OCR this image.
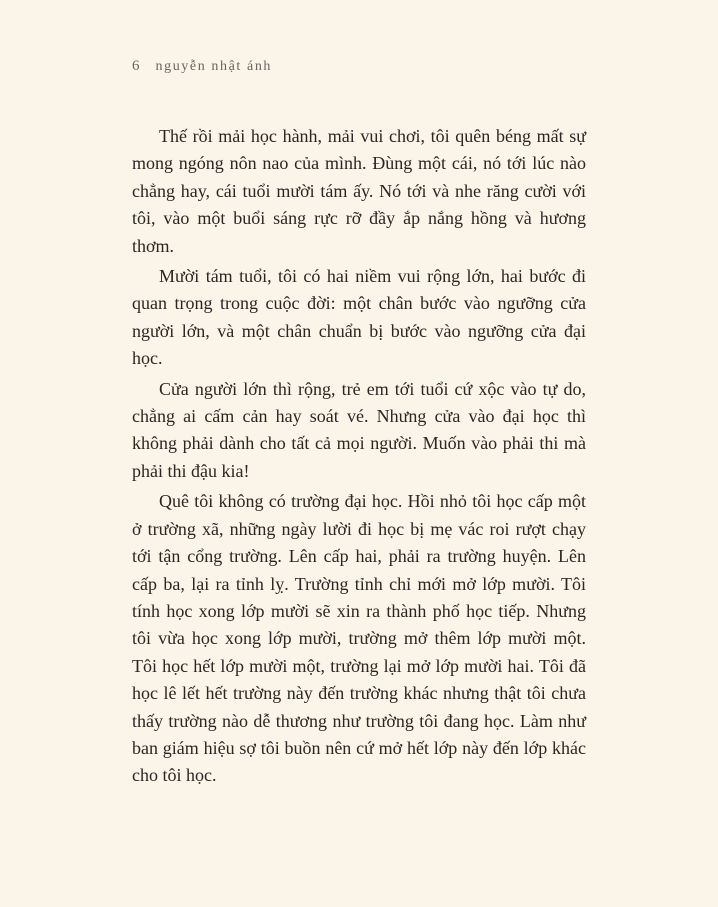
6 nguyễn nhật ánh

Thế rồi mải học hành, mải vui chơi, tôi quên béng mất sự mong ngóng nôn nao của mình. Đùng một cái, nó tới lúc nào chẳng hay, cái tuổi mười tám ấy. Nó tới và nhe răng cười với tôi, vào một buổi sáng rực rỡ đầy ắp nắng hồng và hương thơm.

Mười tám tuổi, tôi có hai niềm vui rộng lớn, hai bước đi quan trọng trong cuộc đời: một chân bước vào ngưỡng cửa người lớn, và một chân chuẩn bị bước vào ngưỡng cửa đại học.

Cửa người lớn thì rộng, trẻ em tới tuổi cứ xộc vào tự do, chẳng ai cấm cản hay soát vé. Nhưng cửa vào đại học thì không phải dành cho tất cả mọi người. Muốn vào phải thi mà phải thi đậu kia!

Quê tôi không có trường đại học. Hồi nhỏ tôi học cấp một ở trường xã, những ngày lười đi học bị mẹ vác roi rượt chạy tới tận cổng trường. Lên cấp hai, phải ra trường huyện. Lên cấp ba, lại ra tỉnh lỵ. Trường tỉnh chỉ mới mở lớp mười. Tôi tính học xong lớp mười sẽ xin ra thành phố học tiếp. Nhưng tôi vừa học xong lớp mười, trường mở thêm lớp mười một. Tôi học hết lớp mười một, trường lại mở lớp mười hai. Tôi đã học lê lết hết trường này đến trường khác nhưng thật tôi chưa thấy trường nào dễ thương như trường tôi đang học. Làm như ban giám hiệu sợ tôi buồn nên cứ mở hết lớp này đến lớp khác cho tôi học.
